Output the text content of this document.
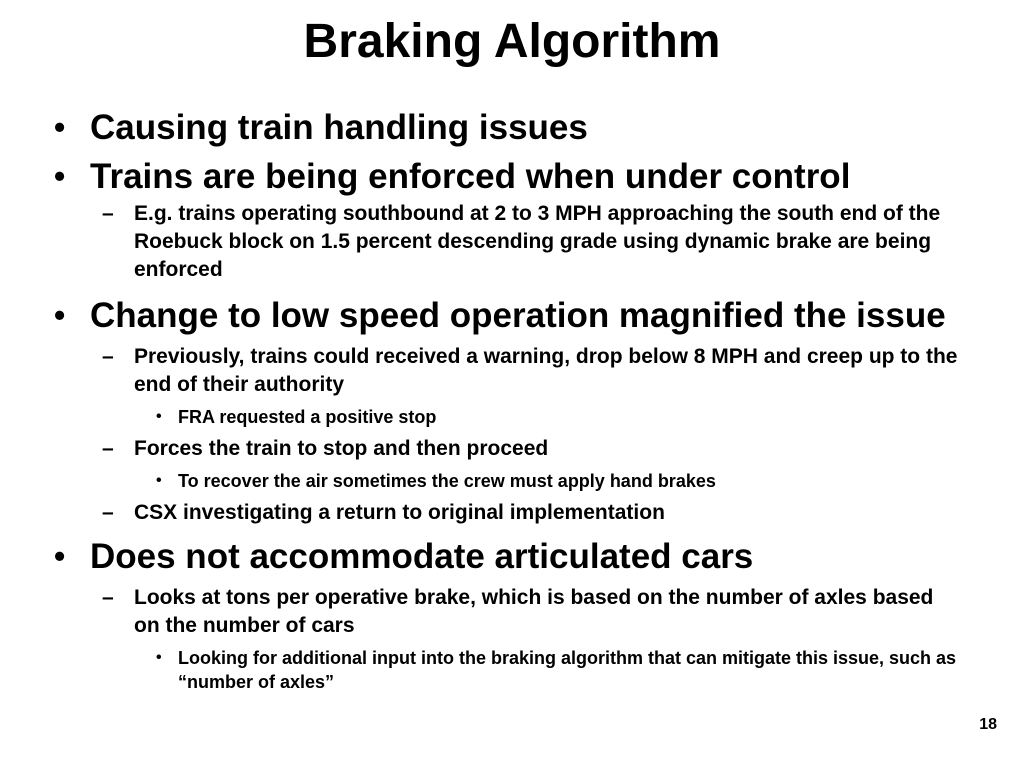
Braking Algorithm
• Causing train handling issues
• Trains are being enforced when under control
– E.g. trains operating southbound at 2 to 3 MPH approaching the south end of the Roebuck block on 1.5 percent descending grade using dynamic brake are being enforced
• Change to low speed operation magnified the issue
– Previously, trains could received a warning, drop below 8 MPH and creep up to the end of their authority
• FRA requested a positive stop
– Forces the train to stop and then proceed
• To recover the air sometimes the crew must apply hand brakes
– CSX investigating a return to original implementation
• Does not accommodate articulated cars
– Looks at tons per operative brake, which is based on the number of axles based on the number of cars
• Looking for additional input into the braking algorithm that can mitigate this issue, such as “number of axles”
18
